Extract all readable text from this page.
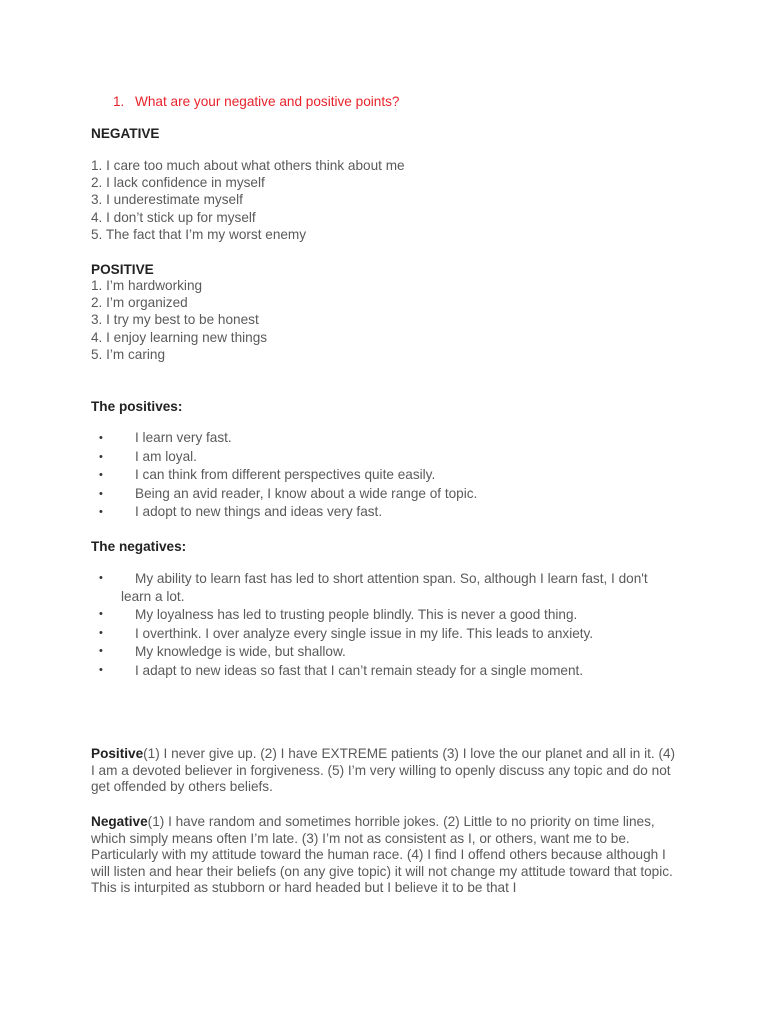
1. What are your negative and positive points?
NEGATIVE
1. I care too much about what others think about me
2. I lack confidence in myself
3. I underestimate myself
4. I don’t stick up for myself
5. The fact that I’m my worst enemy
POSITIVE
1. I’m hardworking
2. I’m organized
3. I try my best to be honest
4. I enjoy learning new things
5. I’m caring
The positives:
• I learn very fast.
• I am loyal.
• I can think from different perspectives quite easily.
• Being an avid reader, I know about a wide range of topic.
• I adopt to new things and ideas very fast.
The negatives:
• My ability to learn fast has led to short attention span. So, although I learn fast, I don't learn a lot.
• My loyalness has led to trusting people blindly. This is never a good thing.
• I overthink. I over analyze every single issue in my life. This leads to anxiety.
• My knowledge is wide, but shallow.
• I adapt to new ideas so fast that I can’t remain steady for a single moment.

Positive(1) I never give up. (2) I have EXTREME patients (3) I love the our planet and all in it. (4) I am a devoted believer in forgiveness. (5) I’m very willing to openly discuss any topic and do not get offended by others beliefs.

Negative(1) I have random and sometimes horrible jokes. (2) Little to no priority on time lines, which simply means often I’m late. (3) I’m not as consistent as I, or others, want me to be. Particularly with my attitude toward the human race. (4) I find I offend others because although I will listen and hear their beliefs (on any give topic) it will not change my attitude toward that topic. This is inturpited as stubborn or hard headed but I believe it to be that I
